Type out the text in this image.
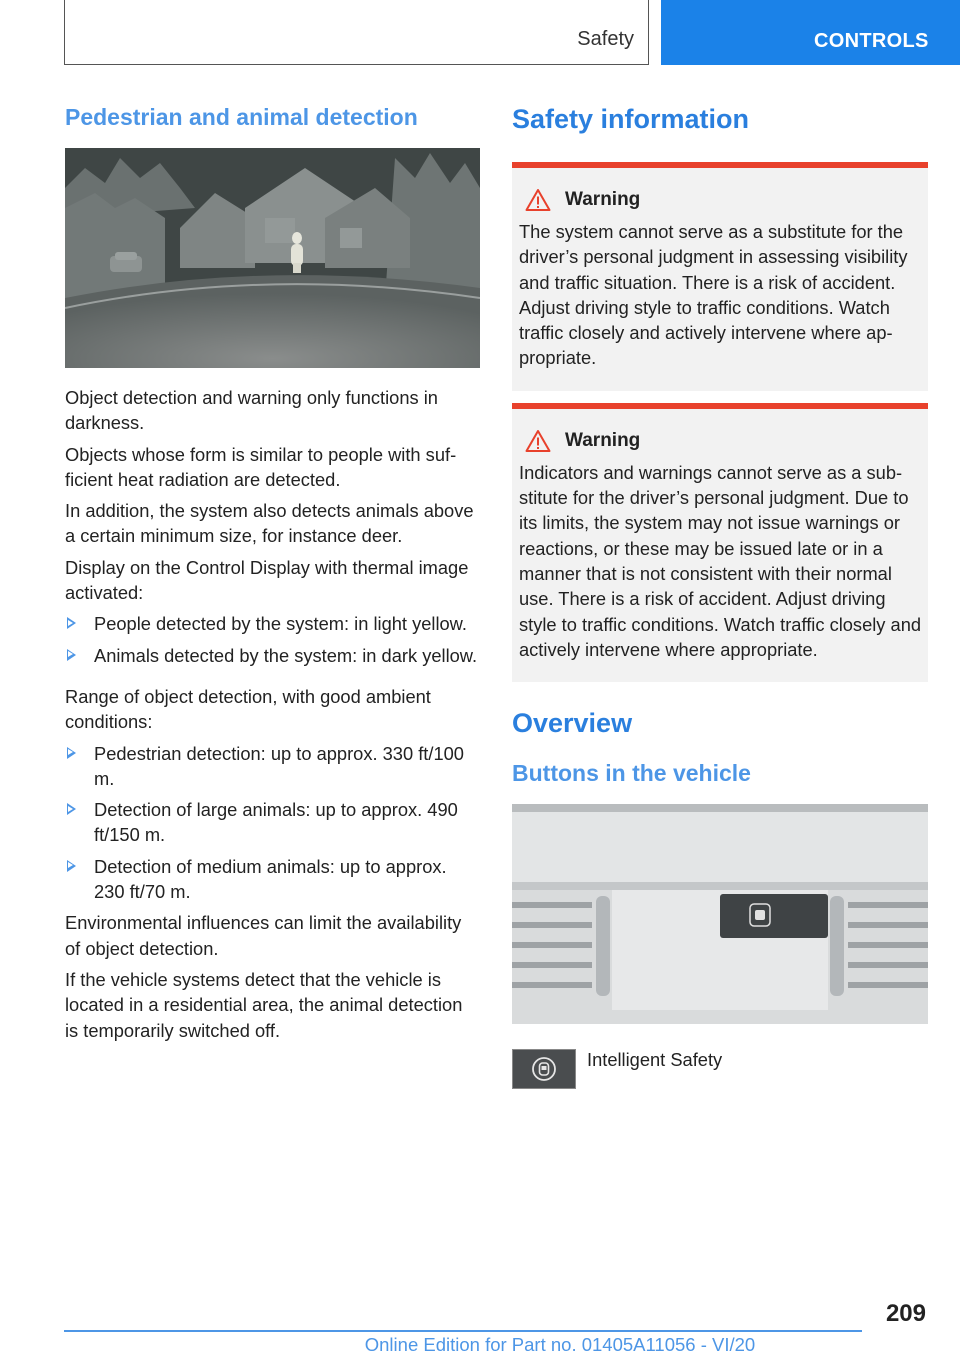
Safety	CONTROLS
Pedestrian and animal detection

Object detection and warning only functions in darkness.

Objects whose form is similar to people with sufficient heat radiation are detected.

In addition, the system also detects animals above a certain minimum size, for instance deer.

Display on the Control Display with thermal image activated:

People detected by the system: in light yellow.
Animals detected by the system: in dark yellow.

Range of object detection, with good ambient conditions:

Pedestrian detection: up to approx. 330 ft/100 m.
Detection of large animals: up to approx. 490 ft/150 m.
Detection of medium animals: up to approx. 230 ft/70 m.

Environmental influences can limit the availability of object detection.

If the vehicle systems detect that the vehicle is located in a residential area, the animal detection is temporarily switched off.

Safety information
Warning

The system cannot serve as a substitute for the driver’s personal judgment in assessing visibility and traffic situation. There is a risk of accident. Adjust driving style to traffic conditions. Watch traffic closely and actively intervene where appropriate.

Warning

Indicators and warnings cannot serve as a substitute for the driver’s personal judgment. Due to its limits, the system may not issue warnings or reactions, or these may be issued late or in a manner that is not consistent with their normal use. There is a risk of accident. Adjust driving style to traffic conditions. Watch traffic closely and actively intervene where appropriate.

Overview
Buttons in the vehicle
Intelligent Safety
209
Online Edition for Part no. 01405A11056 - VI/20
